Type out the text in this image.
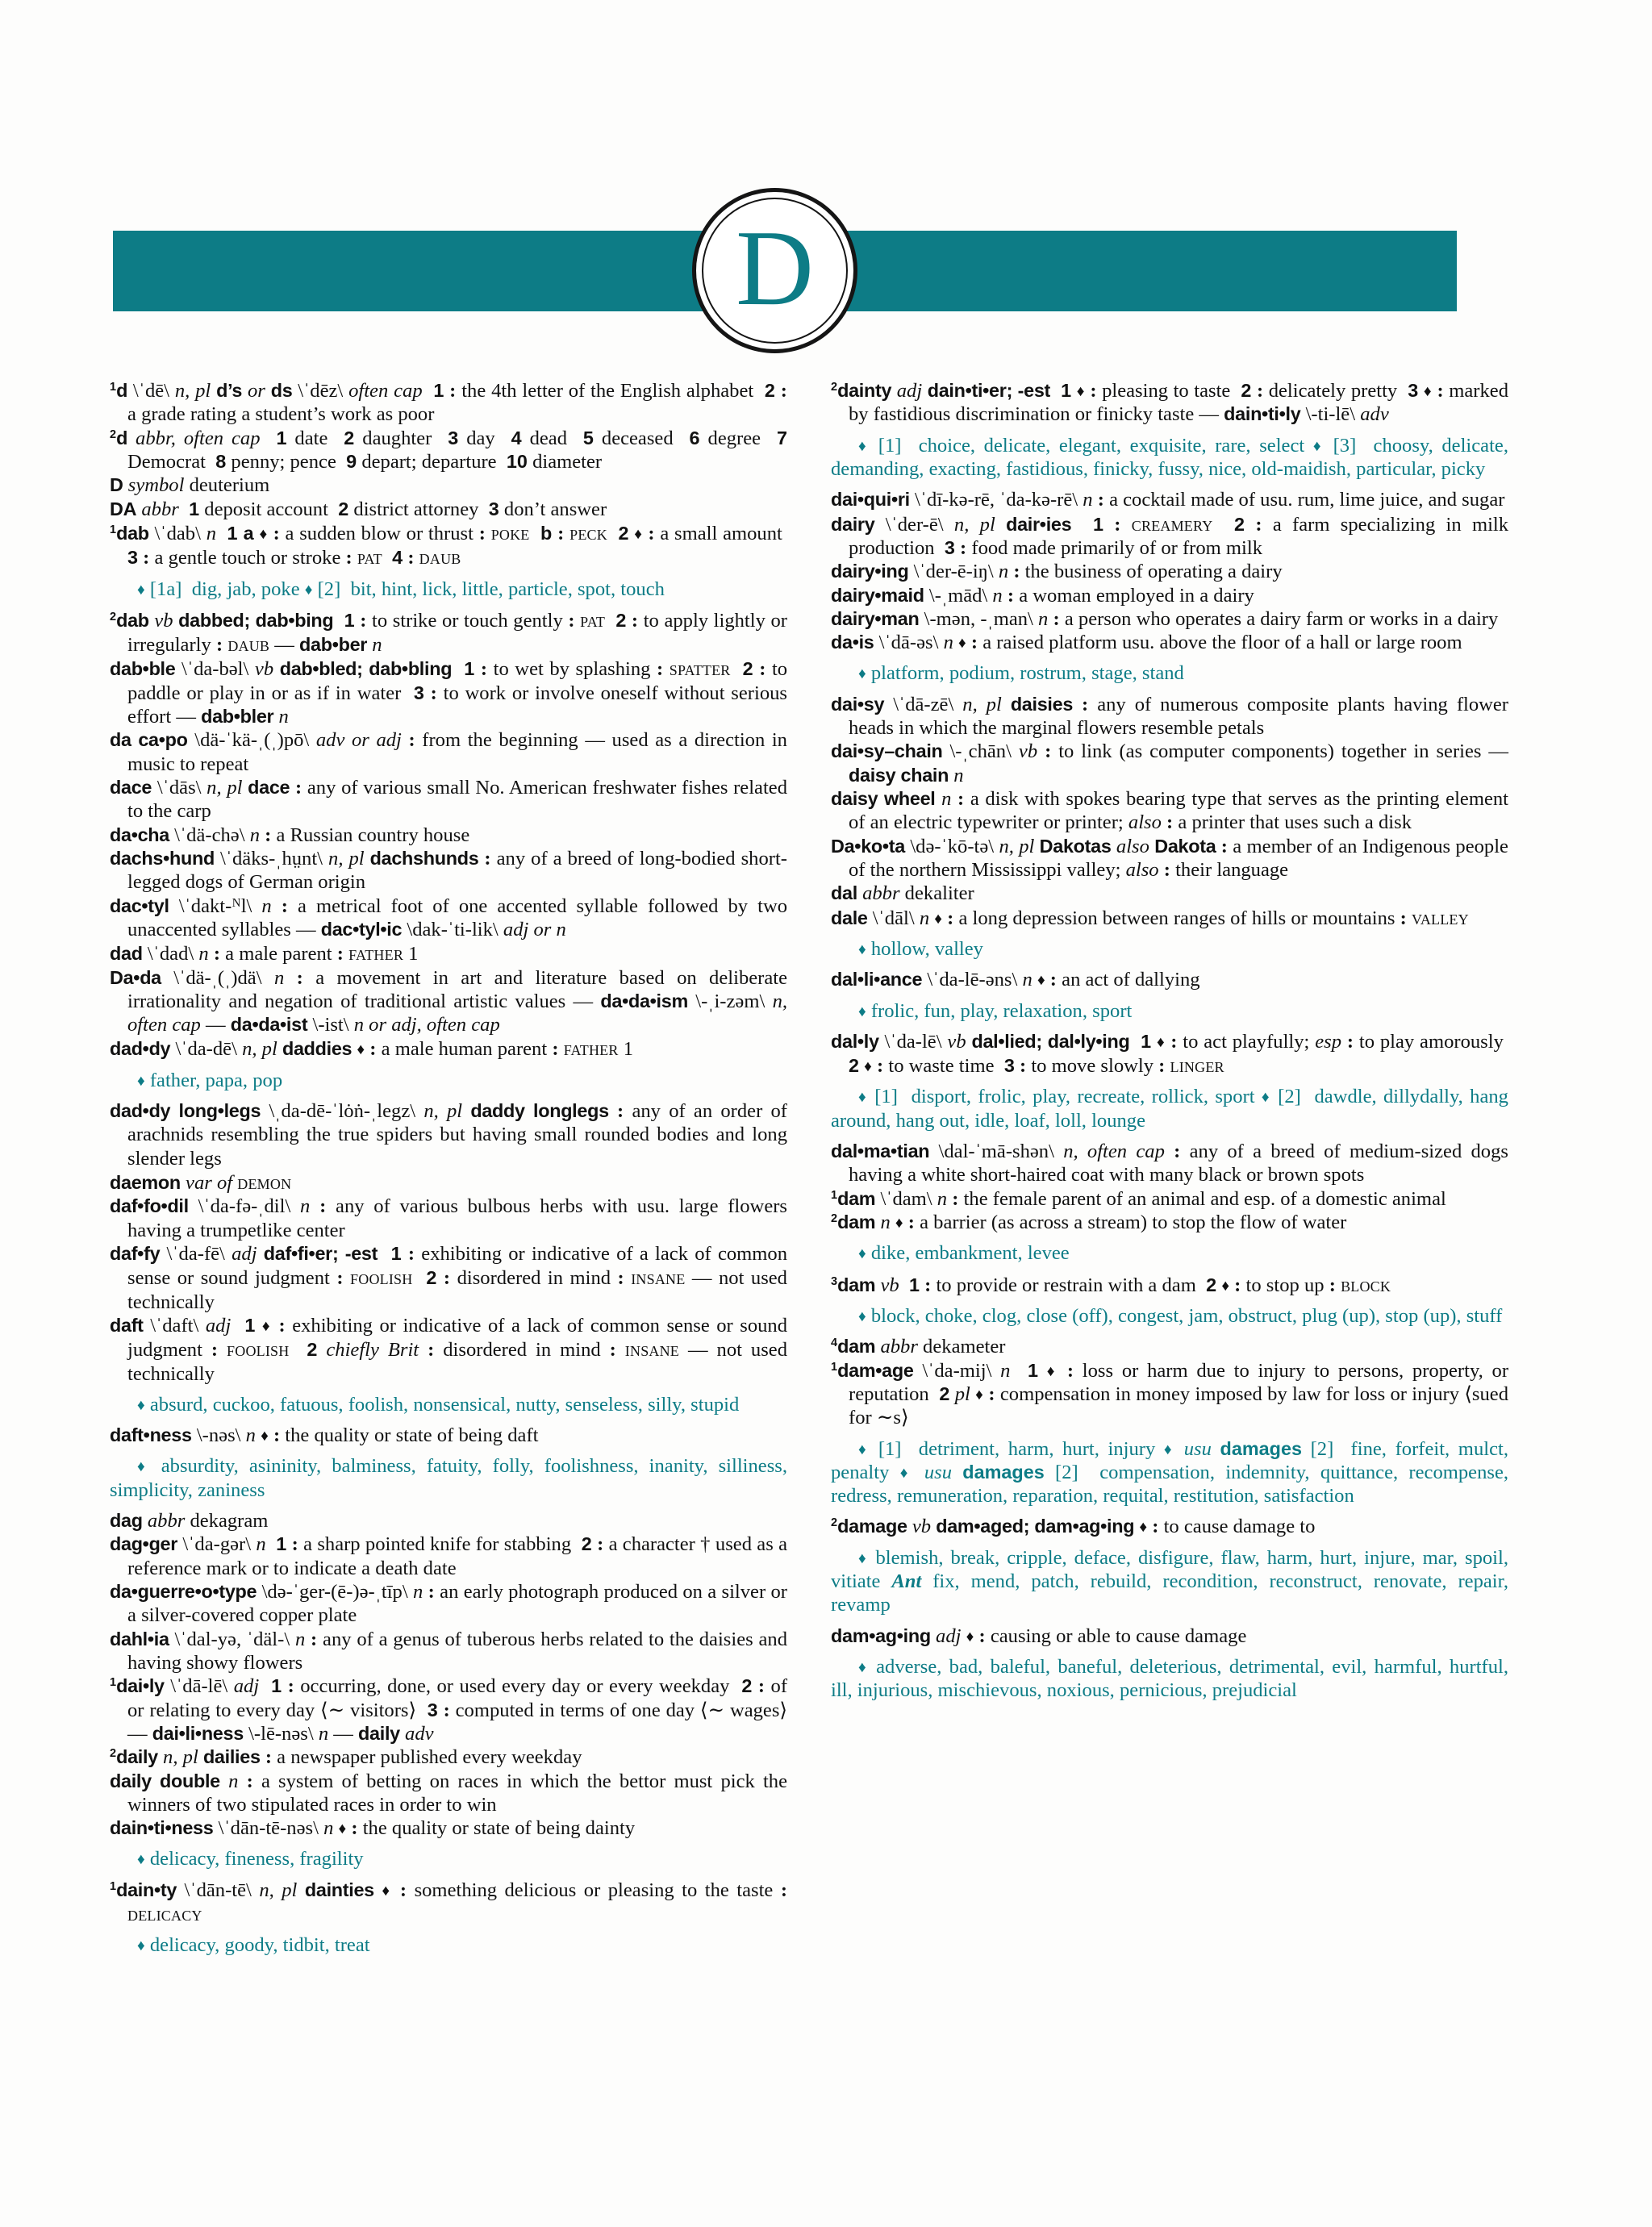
D

$^1$d \ˈdē\ n, pl d’s or ds \ˈdēz\ often cap 1 : the 4th letter of the English alphabet  2 : a grade rating a student’s work as poor

$^2$d abbr, often cap 1 date  2 daughter  3 day  4 dead  5 deceased  6 degree  7 Democrat  8 penny; pence  9 depart; departure  10 diameter

D symbol deuterium

DA abbr 1 deposit account  2 district attorney  3 don’t answer

$^1$dab \ˈdab\ n 1 a ♦ : a sudden blow or thrust : poke b : peck 2 ♦ : a small amount  3 : a gentle touch or stroke : pat 4 : daub

♦ [1a]  dig, jab, poke ♦ [2]  bit, hint, lick, little, particle, spot, touch

$^2$dab vb dabbed; dab•bing 1 : to strike or touch gently : pat 2 : to apply lightly or irregularly : daub — dab•ber n

dab•ble \ˈda-bəl\ vb dab•bled; dab•bling 1 : to wet by splashing : spatter 2 : to paddle or play in or as if in water  3 : to work or involve oneself without serious effort — dab•bler n

da ca•po \dä-ˈkä-ˌ(ˌ)pō\ adv or adj : from the beginning — used as a direction in music to repeat

dace \ˈdās\ n, pl dace : any of various small No. American freshwater fishes related to the carp

da•cha \ˈdä-chə\ n : a Russian country house

dachs•hund \ˈdäks-ˌhṳnt\ n, pl dachshunds : any of a breed of long-bodied short-legged dogs of German origin

dac•tyl \ˈdakt-ᴺl\ n : a metrical foot of one accented syllable followed by two unaccented syllables — dac•tyl•ic \dak-ˈti-lik\ adj or n

dad \ˈdad\ n : a male parent : father 1

Da•da \ˈdä-ˌ(ˌ)dä\ n : a movement in art and literature based on deliberate irrationality and negation of traditional artistic values — da•da•ism \-ˌi-zəm\ n, often cap — da•da•ist \-ist\ n or adj, often cap

dad•dy \ˈda-dē\ n, pl daddies ♦ : a male human parent : father 1

♦ father, papa, pop

dad•dy long•legs \ˌda-dē-ˈlȯṅ-ˌlegz\ n, pl daddy longlegs : any of an order of arachnids resembling the true spiders but having small rounded bodies and long slender legs

daemon var of demon

daf•fo•dil \ˈda-fə-ˌdil\ n : any of various bulbous herbs with usu. large flowers having a trumpetlike center

daf•fy \ˈda-fē\ adj daf•fi•er; -est 1 : exhibiting or indicative of a lack of common sense or sound judgment : foolish 2 : disordered in mind : insane — not used technically

daft \ˈdaft\ adj 1 ♦ : exhibiting or indicative of a lack of common sense or sound judgment : foolish 2 chiefly Brit : disordered in mind : insane — not used technically

♦ absurd, cuckoo, fatuous, foolish, nonsensical, nutty, senseless, silly, stupid

daft•ness \-nəs\ n ♦ : the quality or state of being daft

♦ absurdity, asininity, balminess, fatuity, folly, foolishness, inanity, silliness, simplicity, zaniness

dag abbr dekagram

dag•ger \ˈda-gər\ n 1 : a sharp pointed knife for stabbing  2 : a character † used as a reference mark or to indicate a death date

da•guerre•o•type \də-ˈger-(ē-)ə-ˌtīp\ n : an early photograph produced on a silver or a silver-covered copper plate

dahl•ia \ˈdal-yə, ˈdäl-\ n : any of a genus of tuberous herbs related to the daisies and having showy flowers

$^1$dai•ly \ˈdā-lē\ adj 1 : occurring, done, or used every day or every weekday  2 : of or relating to every day ⟨∼ visitors⟩  3 : computed in terms of one day ⟨∼ wages⟩ — dai•li•ness \-lē-nəs\ n — daily adv

$^2$daily n, pl dailies : a newspaper published every weekday

daily double n : a system of betting on races in which the bettor must pick the winners of two stipulated races in order to win

dain•ti•ness \ˈdān-tē-nəs\ n ♦ : the quality or state of being dainty

♦ delicacy, fineness, fragility

$^1$dain•ty \ˈdān-tē\ n, pl dainties ♦ : something delicious or pleasing to the taste : delicacy

♦ delicacy, goody, tidbit, treat

$^2$dainty adj dain•ti•er; -est 1 ♦ : pleasing to taste  2 : delicately pretty  3 ♦ : marked by fastidious discrimination or finicky taste — dain•ti•ly \-ti-lē\ adv

♦ [1]  choice, delicate, elegant, exquisite, rare, select ♦ [3]  choosy, delicate, demanding, exacting, fastidious, finicky, fussy, nice, old-maidish, particular, picky

dai•qui•ri \ˈdī-kə-rē, ˈda-kə-rē\ n : a cocktail made of usu. rum, lime juice, and sugar

dairy \ˈder-ē\ n, pl dair•ies 1 : creamery 2 : a farm specializing in milk production  3 : food made primarily of or from milk

dairy•ing \ˈder-ē-iŋ\ n : the business of operating a dairy

dairy•maid \-ˌmād\ n : a woman employed in a dairy

dairy•man \-mən, -ˌman\ n : a person who operates a dairy farm or works in a dairy

da•is \ˈdā-əs\ n ♦ : a raised platform usu. above the floor of a hall or large room

♦ platform, podium, rostrum, stage, stand

dai•sy \ˈdā-zē\ n, pl daisies : any of numerous composite plants having flower heads in which the marginal flowers resemble petals

dai•sy–chain \-ˌchān\ vb : to link (as computer components) together in series — daisy chain n

daisy wheel n : a disk with spokes bearing type that serves as the printing element of an electric typewriter or printer; also : a printer that uses such a disk

Da•ko•ta \də-ˈkō-tə\ n, pl Dakotas also Dakota : a member of an Indigenous people of the northern Mississippi valley; also : their language

dal abbr dekaliter

dale \ˈdāl\ n ♦ : a long depression between ranges of hills or mountains : valley

♦ hollow, valley

dal•li•ance \ˈda-lē-əns\ n ♦ : an act of dallying

♦ frolic, fun, play, relaxation, sport

dal•ly \ˈda-lē\ vb dal•lied; dal•ly•ing 1 ♦ : to act playfully; esp : to play amorously  2 ♦ : to waste time  3 : to move slowly : linger

♦ [1]  disport, frolic, play, recreate, rollick, sport ♦ [2]  dawdle, dillydally, hang around, hang out, idle, loaf, loll, lounge

dal•ma•tian \dal-ˈmā-shən\ n, often cap : any of a breed of medium-sized dogs having a white short-haired coat with many black or brown spots

$^1$dam \ˈdam\ n : the female parent of an animal and esp. of a domestic animal

$^2$dam n ♦ : a barrier (as across a stream) to stop the flow of water

♦ dike, embankment, levee

$^3$dam vb 1 : to provide or restrain with a dam  2 ♦ : to stop up : block

♦ block, choke, clog, close (off), congest, jam, obstruct, plug (up), stop (up), stuff

$^4$dam abbr dekameter

$^1$dam•age \ˈda-mij\ n 1 ♦ : loss or harm due to injury to persons, property, or reputation  2 pl ♦ : compensation in money imposed by law for loss or injury ⟨sued for ∼s⟩

♦ [1]  detriment, harm, hurt, injury ♦ usu damages [2]  fine, forfeit, mulct, penalty ♦ usu damages [2]  compensation, indemnity, quittance, recompense, redress, remuneration, reparation, requital, restitution, satisfaction

$^2$damage vb dam•aged; dam•ag•ing ♦ : to cause damage to

♦ blemish, break, cripple, deface, disfigure, flaw, harm, hurt, injure, mar, spoil, vitiate Ant fix, mend, patch, rebuild, recondition, reconstruct, renovate, repair, revamp

dam•ag•ing adj ♦ : causing or able to cause damage

♦ adverse, bad, baleful, baneful, deleterious, detrimental, evil, harmful, hurtful, ill, injurious, mischievous, noxious, pernicious, prejudicial
